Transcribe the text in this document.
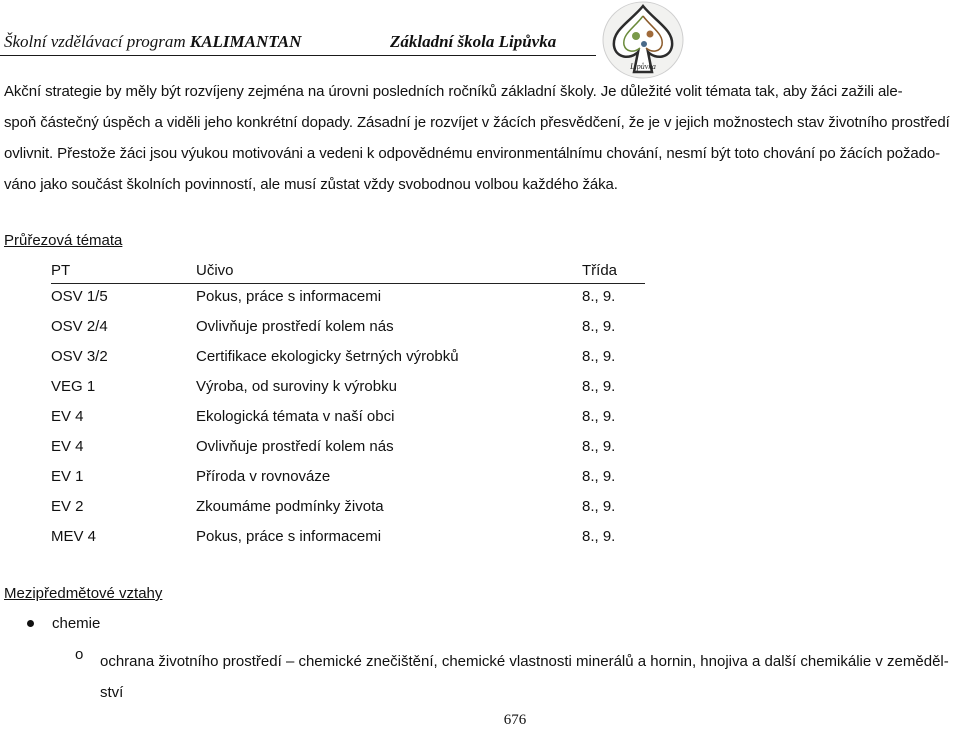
Školní vzdělávací program KALIMANTAN	Základní škola Lipůvka
Lipůvka
Akční strategie by měly být rozvíjeny zejména na úrovni posledních ročníků základní školy. Je důležité volit témata tak, aby žáci zažili ale-
spoň částečný úspěch a viděli jeho konkrétní dopady. Zásadní je rozvíjet v žácích přesvědčení, že je v jejich možnostech stav životního prostředí
ovlivnit. Přestože žáci jsou výukou motivováni a vedeni k odpovědnému environmentálnímu chování, nesmí být toto chování po žácích požado-
váno jako součást školních povinností, ale musí zůstat vždy svobodnou volbou každého žáka.
Průřezová témata
PT	Učivo	Třída
OSV 1/5	Pokus, práce s informacemi	8., 9.
OSV 2/4	Ovlivňuje prostředí kolem nás	8., 9.
OSV 3/2	Certifikace ekologicky šetrných výrobků	8., 9.
VEG 1	Výroba, od suroviny k výrobku	8., 9.
EV 4	Ekologická témata v naší obci	8., 9.
EV 4	Ovlivňuje prostředí kolem nás	8., 9.
EV 1	Příroda v rovnováze	8., 9.
EV 2	Zkoumáme podmínky života	8., 9.
MEV 4	Pokus, práce s informacemi	8., 9.
Mezipředmětové vztahy
chemie
o ochrana životního prostředí – chemické znečištění, chemické vlastnosti minerálů a hornin, hnojiva a další chemikálie v zeměděl-ství
676
